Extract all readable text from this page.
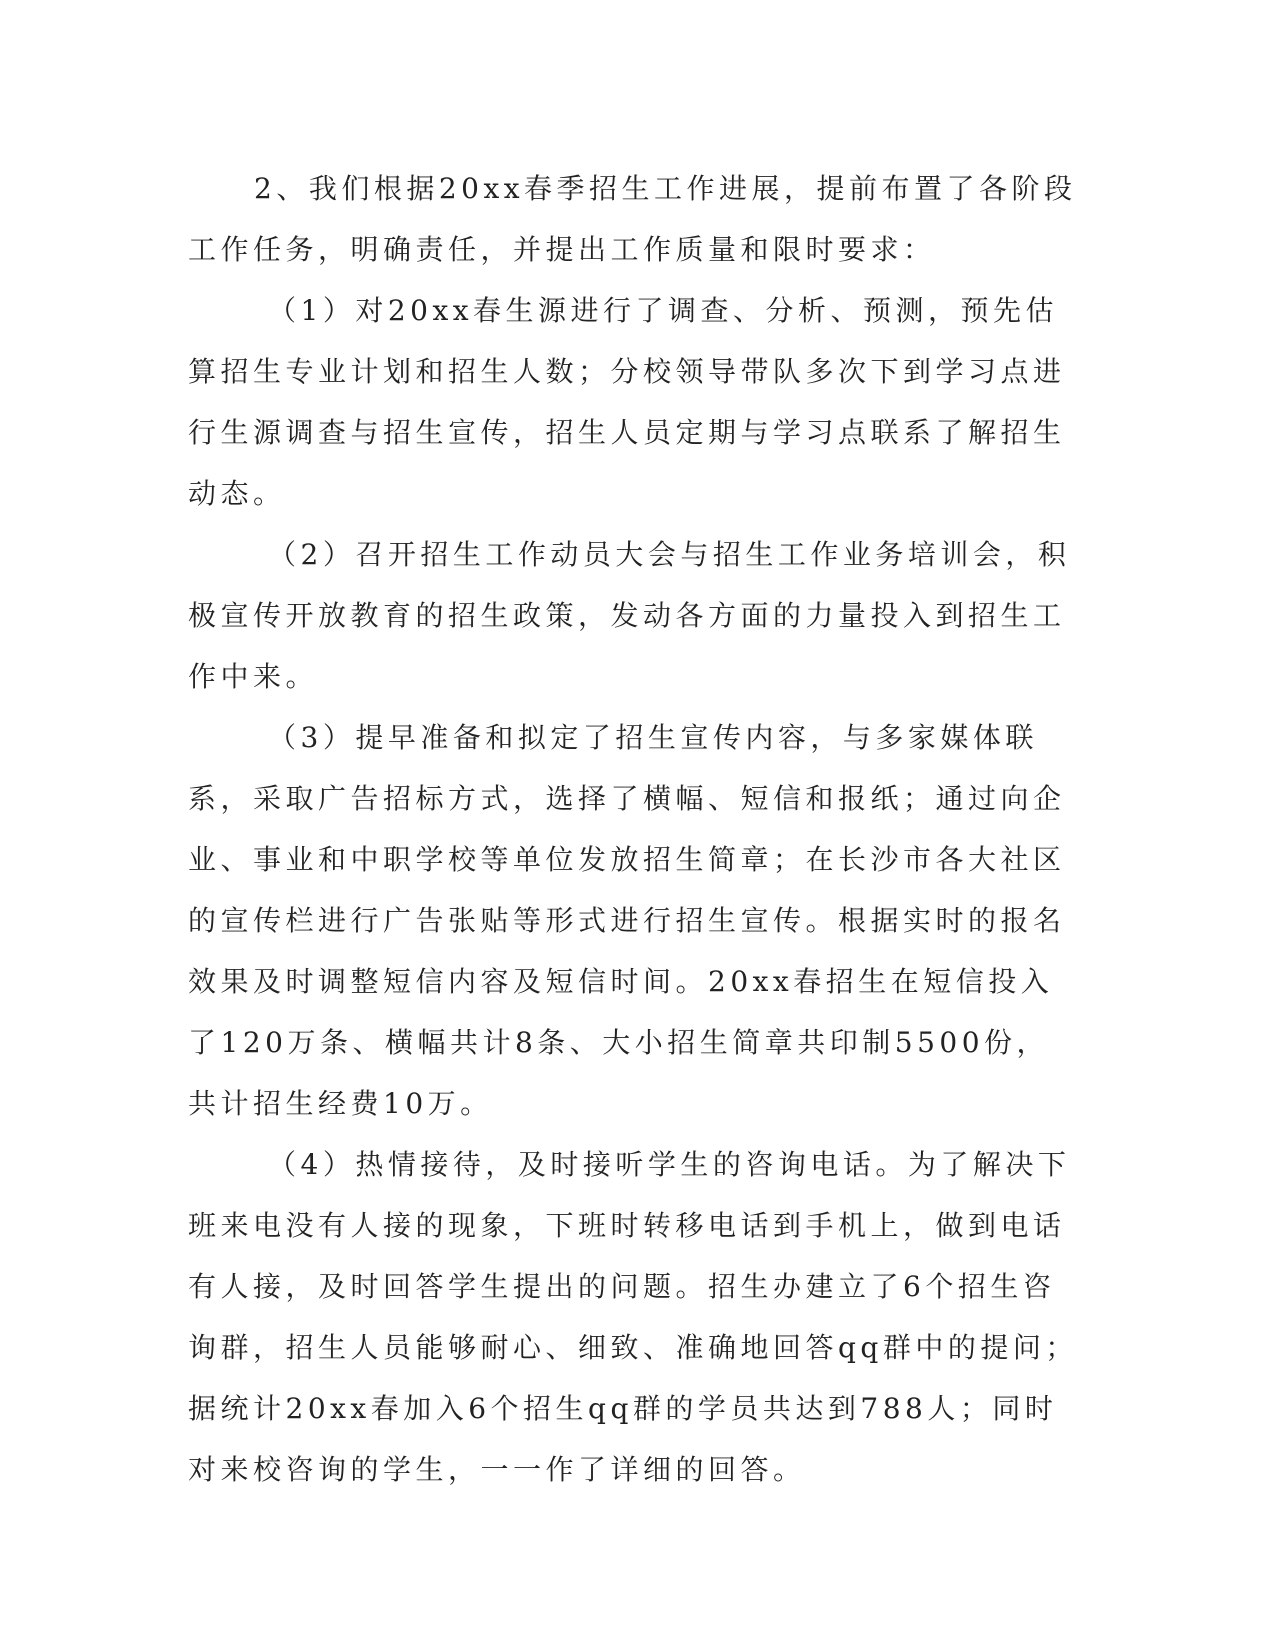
2、我们根据20xx春季招生工作进展，提前布置了各阶段工作任务，明确责任，并提出工作质量和限时要求：

（1）对20xx春生源进行了调查、分析、预测，预先估算招生专业计划和招生人数；分校领导带队多次下到学习点进行生源调查与招生宣传，招生人员定期与学习点联系了解招生动态。

（2）召开招生工作动员大会与招生工作业务培训会，积极宣传开放教育的招生政策，发动各方面的力量投入到招生工作中来。

（3）提早准备和拟定了招生宣传内容，与多家媒体联系，采取广告招标方式，选择了横幅、短信和报纸；通过向企业、事业和中职学校等单位发放招生简章；在长沙市各大社区的宣传栏进行广告张贴等形式进行招生宣传。根据实时的报名效果及时调整短信内容及短信时间。20xx春招生在短信投入了120万条、横幅共计8条、大小招生简章共印制5500份，共计招生经费10万。

（4）热情接待，及时接听学生的咨询电话。为了解决下班来电没有人接的现象，下班时转移电话到手机上，做到电话有人接，及时回答学生提出的问题。招生办建立了6个招生咨询群，招生人员能够耐心、细致、准确地回答qq群中的提问；据统计20xx春加入6个招生qq群的学员共达到788人；同时对来校咨询的学生，一一作了详细的回答。
